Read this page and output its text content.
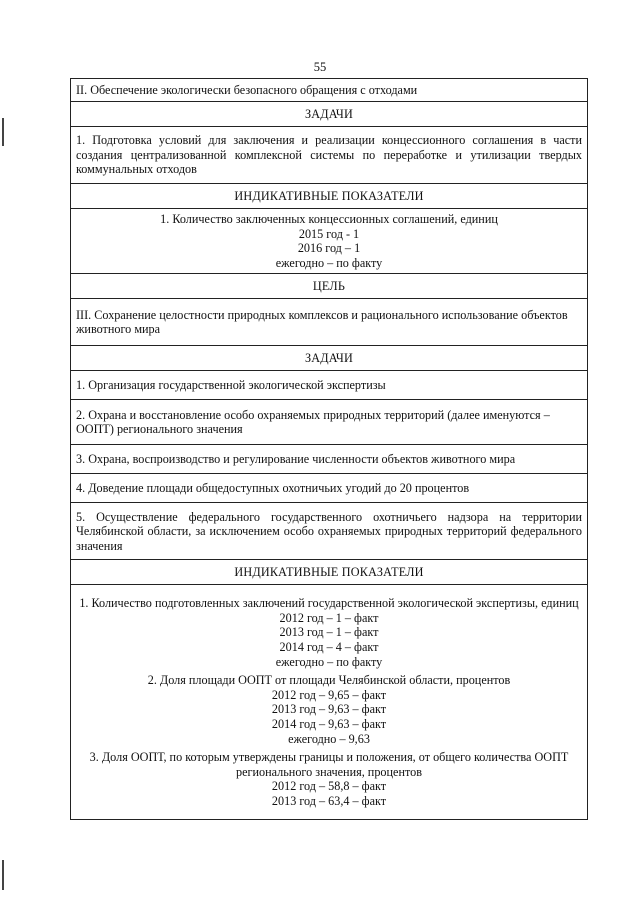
55
II. Обеспечение экологически безопасного обращения с отходами
ЗАДАЧИ
1. Подготовка условий для заключения и реализации концессионного соглашения в части создания централизованной комплексной системы по переработке и утилизации твердых коммунальных отходов
ИНДИКАТИВНЫЕ ПОКАЗАТЕЛИ

1. Количество заключенных концессионных соглашений, единиц
2015 год - 1
2016 год – 1
ежегодно – по факту

ЦЕЛЬ
III. Сохранение целостности природных комплексов и рационального использование объектов животного мира
ЗАДАЧИ
1. Организация государственной экологической экспертизы
2. Охрана и восстановление особо охраняемых природных территорий (далее именуются – ООПТ) регионального значения
3. Охрана, воспроизводство и регулирование численности объектов животного мира
4. Доведение площади общедоступных охотничьих угодий до 20 процентов
5. Осуществление федерального государственного охотничьего надзора на территории Челябинской области, за исключением особо охраняемых природных территорий федерального значения
ИНДИКАТИВНЫЕ ПОКАЗАТЕЛИ

1. Количество подготовленных заключений государственной экологической экспертизы, единиц
2012 год – 1 – факт
2013 год – 1 – факт
2014 год – 4 – факт
ежегодно – по факту
2. Доля площади ООПТ от площади Челябинской области, процентов
2012 год – 9,65 – факт
2013 год – 9,63 – факт
2014 год – 9,63 – факт
ежегодно – 9,63
3. Доля ООПТ, по которым утверждены границы и положения, от общего количества ООПТ регионального значения, процентов
2012 год – 58,8 – факт
2013 год – 63,4 – факт
